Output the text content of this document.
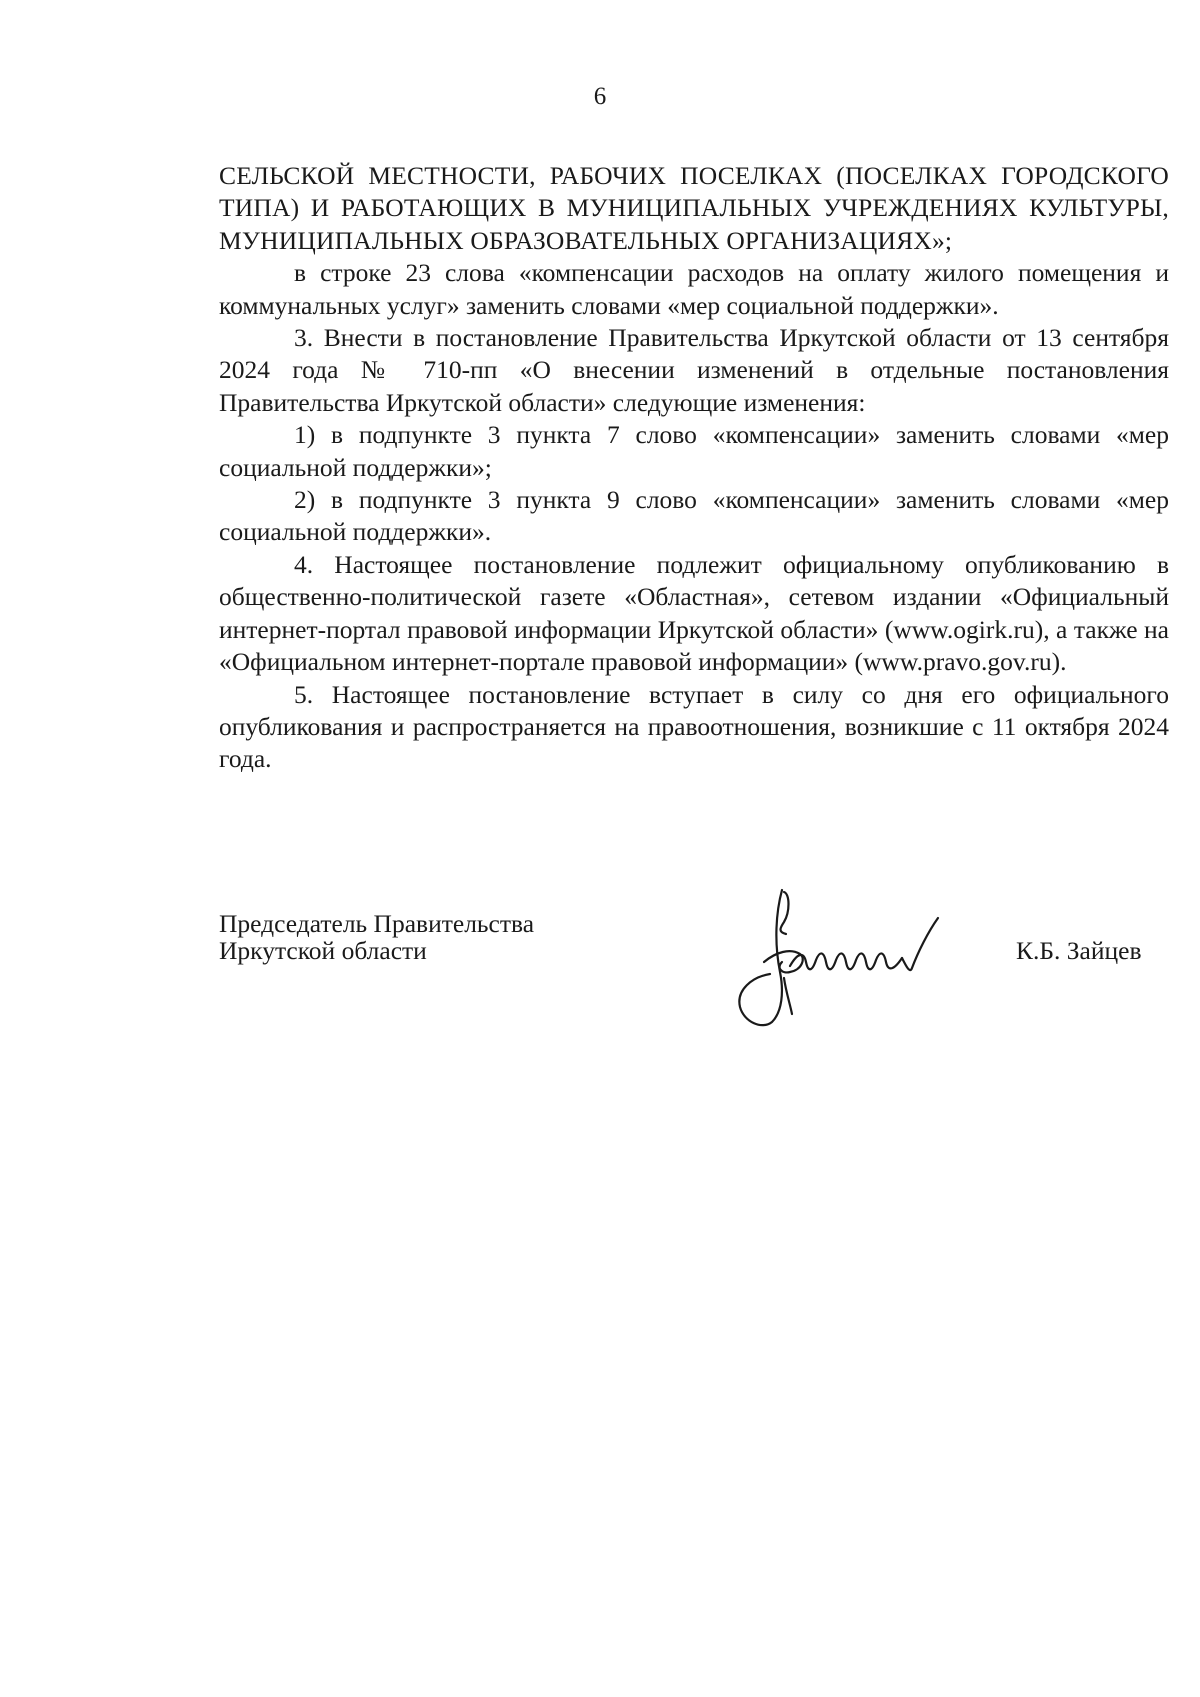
6

СЕЛЬСКОЙ МЕСТНОСТИ, РАБОЧИХ ПОСЕЛКАХ (ПОСЕЛКАХ ГОРОДСКОГО ТИПА) И РАБОТАЮЩИХ В МУНИЦИПАЛЬНЫХ УЧРЕЖДЕНИЯХ КУЛЬТУРЫ, МУНИЦИПАЛЬНЫХ ОБРАЗОВАТЕЛЬНЫХ ОРГАНИЗАЦИЯХ»;

в строке 23 слова «компенсации расходов на оплату жилого помещения и коммунальных услуг» заменить словами «мер социальной поддержки».

3. Внести в постановление Правительства Иркутской области от 13 сентября 2024 года № 710-пп «О внесении изменений в отдельные постановления Правительства Иркутской области» следующие изменения:

1) в подпункте 3 пункта 7 слово «компенсации» заменить словами «мер социальной поддержки»;

2) в подпункте 3 пункта 9 слово «компенсации» заменить словами «мер социальной поддержки».

4. Настоящее постановление подлежит официальному опубликованию в общественно-политической газете «Областная», сетевом издании «Официальный интернет-портал правовой информации Иркутской области» (www.ogirk.ru), а также на «Официальном интернет-портале правовой информации» (www.pravo.gov.ru).

5. Настоящее постановление вступает в силу со дня его официального опубликования и распространяется на правоотношения, возникшие с 11 октября 2024 года.

Председатель Правительства
Иркутской области	К.Б. Зайцев
